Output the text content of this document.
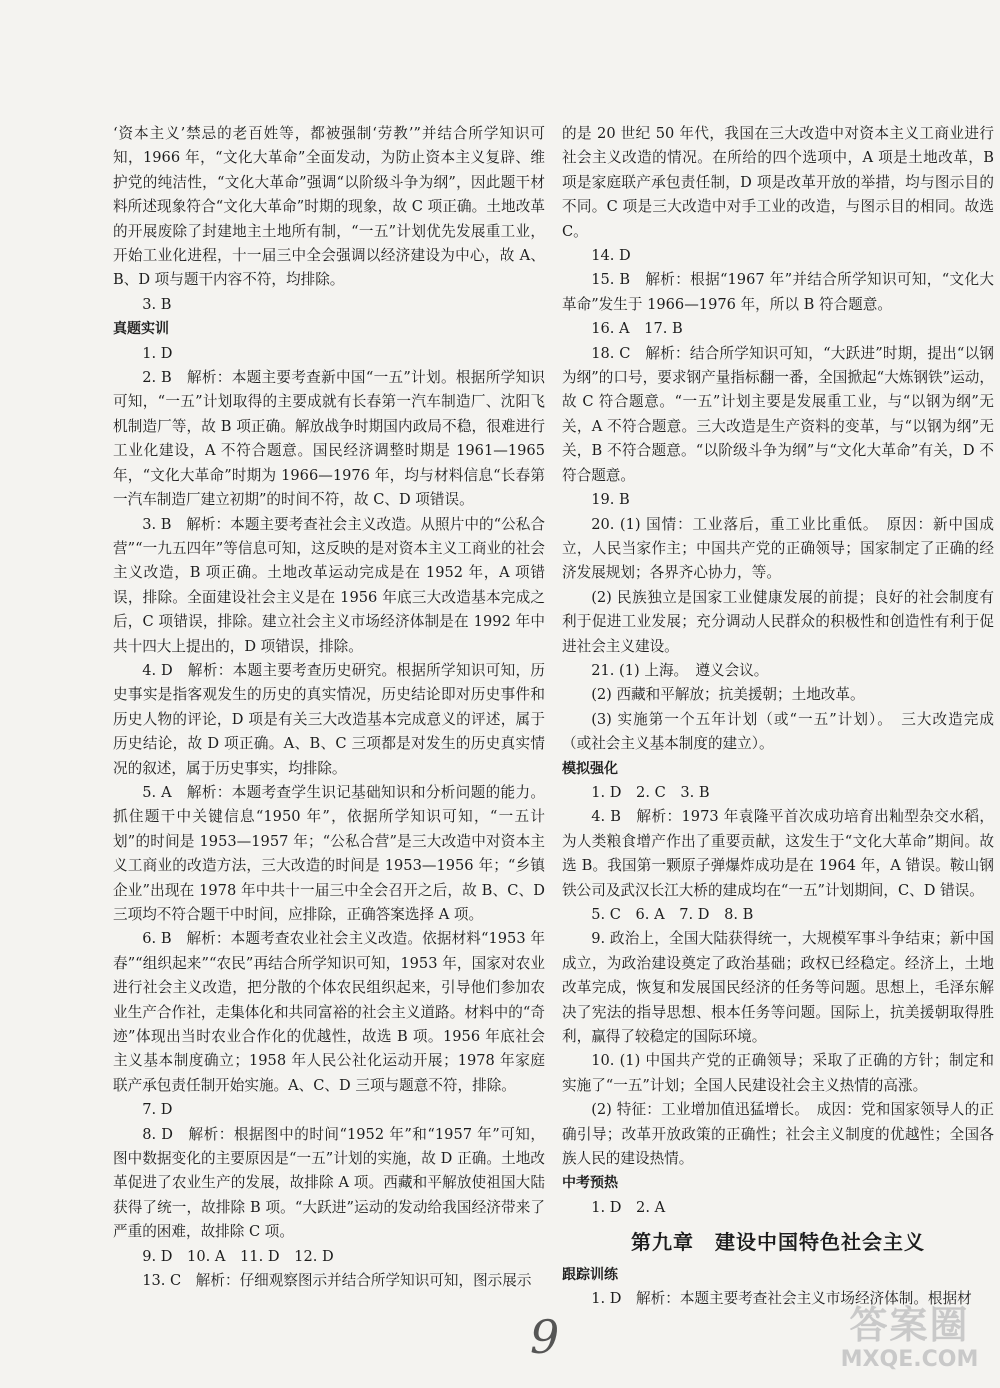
‘资本主义’禁忌的老百姓等，都被强制‘劳教’”并结合所学知识可知，1966 年，“文化大革命”全面发动，为防止资本主义复辟、维护党的纯洁性，“文化大革命”强调“以阶级斗争为纲”，因此题干材料所述现象符合“文化大革命”时期的现象，故 C 项正确。土地改革的开展废除了封建地主土地所有制，“一五”计划优先发展重工业，开始工业化进程，十一届三中全会强调以经济建设为中心，故 A、B、D 项与题干内容不符，均排除。

3. B

真题实训

1. D

2. B　解析：本题主要考查新中国“一五”计划。根据所学知识可知，“一五”计划取得的主要成就有长春第一汽车制造厂、沈阳飞机制造厂等，故 B 项正确。解放战争时期国内政局不稳，很难进行工业化建设，A 不符合题意。国民经济调整时期是 1961—1965 年，“文化大革命”时期为 1966—1976 年，均与材料信息“长春第一汽车制造厂建立初期”的时间不符，故 C、D 项错误。

3. B　解析：本题主要考查社会主义改造。从照片中的“公私合营”“一九五四年”等信息可知，这反映的是对资本主义工商业的社会主义改造，B 项正确。土地改革运动完成是在 1952 年，A 项错误，排除。全面建设社会主义是在 1956 年底三大改造基本完成之后，C 项错误，排除。建立社会主义市场经济体制是在 1992 年中共十四大上提出的，D 项错误，排除。

4. D　解析：本题主要考查历史研究。根据所学知识可知，历史事实是指客观发生的历史的真实情况，历史结论即对历史事件和历史人物的评论，D 项是有关三大改造基本完成意义的评述，属于历史结论，故 D 项正确。A、B、C 三项都是对发生的历史真实情况的叙述，属于历史事实，均排除。

5. A　解析：本题考查学生识记基础知识和分析问题的能力。抓住题干中关键信息“1950 年”，依据所学知识可知，“一五计划”的时间是 1953—1957 年；“公私合营”是三大改造中对资本主义工商业的改造方法，三大改造的时间是 1953—1956 年；“乡镇企业”出现在 1978 年中共十一届三中全会召开之后，故 B、C、D 三项均不符合题干中时间，应排除，正确答案选择 A 项。

6. B　解析：本题考查农业社会主义改造。依据材料“1953 年春”“组织起来”“农民”再结合所学知识可知，1953 年，国家对农业进行社会主义改造，把分散的个体农民组织起来，引导他们参加农业生产合作社，走集体化和共同富裕的社会主义道路。材料中的“奇迹”体现出当时农业合作化的优越性，故选 B 项。1956 年底社会主义基本制度确立；1958 年人民公社化运动开展；1978 年家庭联产承包责任制开始实施。A、C、D 三项与题意不符，排除。

7. D

8. D　解析：根据图中的时间“1952 年”和“1957 年”可知，图中数据变化的主要原因是“一五”计划的实施，故 D 正确。土地改革促进了农业生产的发展，故排除 A 项。西藏和平解放使祖国大陆获得了统一，故排除 B 项。“大跃进”运动的发动给我国经济带来了严重的困难，故排除 C 项。

9. D　10. A　11. D　12. D

13. C　解析：仔细观察图示并结合所学知识可知，图示展示

的是 20 世纪 50 年代，我国在三大改造中对资本主义工商业进行社会主义改造的情况。在所给的四个选项中，A 项是土地改革，B 项是家庭联产承包责任制，D 项是改革开放的举措，均与图示目的不同。C 项是三大改造中对手工业的改造，与图示目的相同。故选 C。

14. D

15. B　解析：根据“1967 年”并结合所学知识可知，“文化大革命”发生于 1966—1976 年，所以 B 符合题意。

16. A　17. B

18. C　解析：结合所学知识可知，“大跃进”时期，提出“以钢为纲”的口号，要求钢产量指标翻一番，全国掀起“大炼钢铁”运动，故 C 符合题意。“一五”计划主要是发展重工业，与“以钢为纲”无关，A 不符合题意。三大改造是生产资料的变革，与“以钢为纲”无关，B 不符合题意。“以阶级斗争为纲”与“文化大革命”有关，D 不符合题意。

19. B

20. (1) 国情：工业落后，重工业比重低。　原因：新中国成立，人民当家作主；中国共产党的正确领导；国家制定了正确的经济发展规划；各界齐心协力，等。

(2) 民族独立是国家工业健康发展的前提；良好的社会制度有利于促进工业发展；充分调动人民群众的积极性和创造性有利于促进社会主义建设。

21. (1) 上海。　遵义会议。

(2) 西藏和平解放；抗美援朝；土地改革。

(3) 实施第一个五年计划（或“一五”计划）。　三大改造完成（或社会主义基本制度的建立）。

模拟强化

1. D　2. C　3. B

4. B　解析：1973 年袁隆平首次成功培育出籼型杂交水稻，为人类粮食增产作出了重要贡献，这发生于“文化大革命”期间。故选 B。我国第一颗原子弹爆炸成功是在 1964 年，A 错误。鞍山钢铁公司及武汉长江大桥的建成均在“一五”计划期间，C、D 错误。

5. C　6. A　7. D　8. B

9. 政治上，全国大陆获得统一，大规模军事斗争结束；新中国成立，为政治建设奠定了政治基础；政权已经稳定。经济上，土地改革完成，恢复和发展国民经济的任务等问题。思想上，毛泽东解决了宪法的指导思想、根本任务等问题。国际上，抗美援朝取得胜利，赢得了较稳定的国际环境。

10. (1) 中国共产党的正确领导；采取了正确的方针；制定和实施了“一五”计划；全国人民建设社会主义热情的高涨。

(2) 特征：工业增加值迅猛增长。　成因：党和国家领导人的正确引导；改革开放政策的正确性；社会主义制度的优越性；全国各族人民的建设热情。

中考预热

1. D　2. A

第九章　建设中国特色社会主义

跟踪训练

1. D　解析：本题主要考查社会主义市场经济体制。根据材

9	答案圈
MXQE.COM
